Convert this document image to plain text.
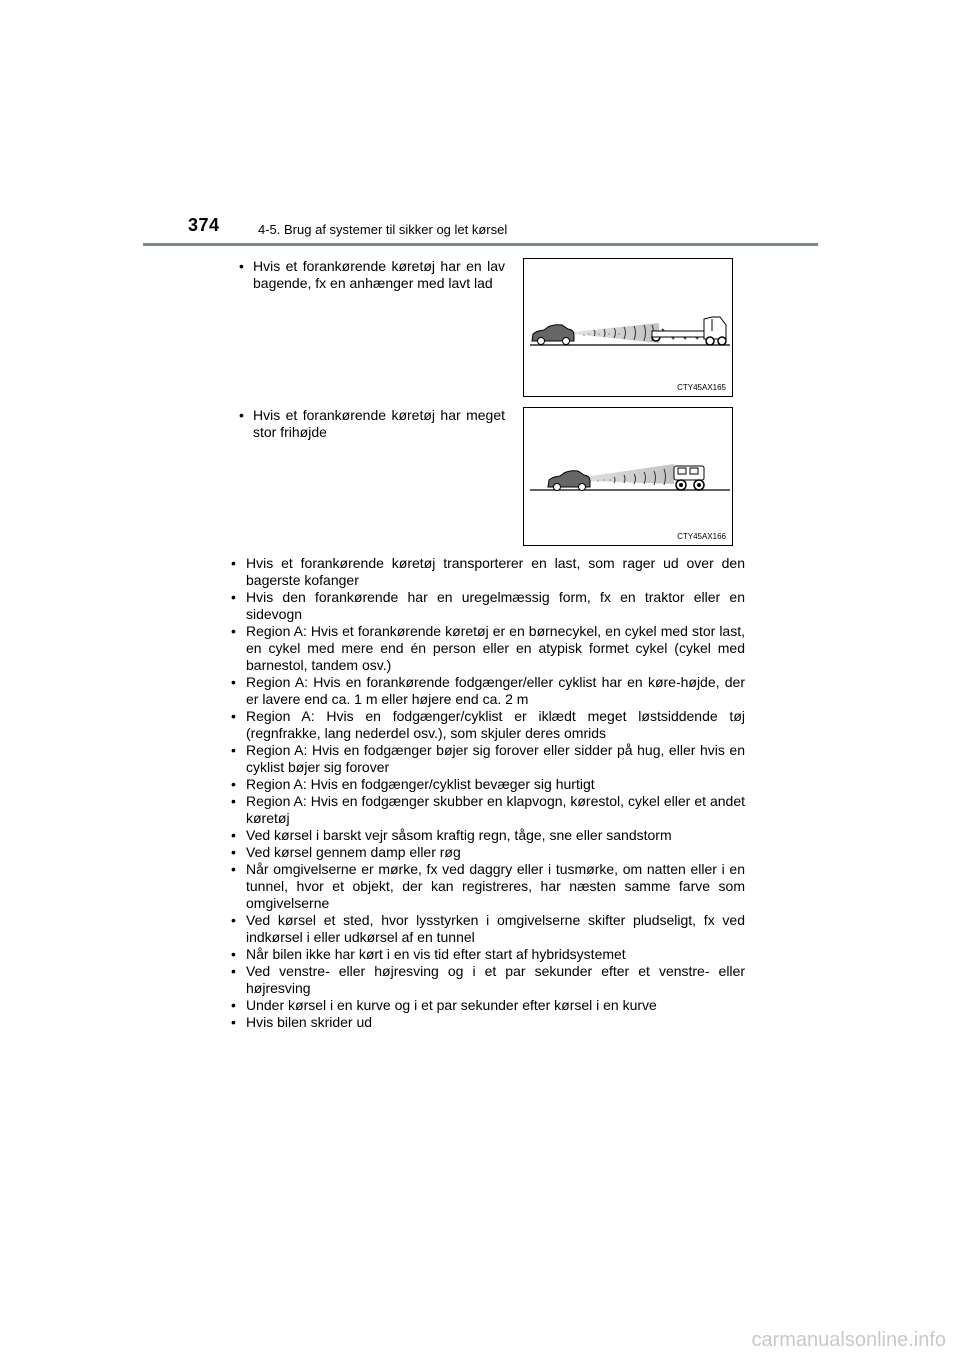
374	4-5. Brug af systemer til sikker og let kørsel
• Hvis et forankørende køretøj har en lav bagende, fx en anhænger med lavt lad
CTY45AX165
• Hvis et forankørende køretøj har meget stor frihøjde
CTY45AX166
• Hvis et forankørende køretøj transporterer en last, som rager ud over den bagerste kofanger
• Hvis den forankørende har en uregelmæssig form, fx en traktor eller en sidevogn
• Region A: Hvis et forankørende køretøj er en børnecykel, en cykel med stor last, en cykel med mere end én person eller en atypisk formet cykel (cykel med barnestol, tandem osv.)
• Region A: Hvis en forankørende fodgænger/eller cyklist har en køre-højde, der er lavere end ca. 1 m eller højere end ca. 2 m
• Region A: Hvis en fodgænger/cyklist er iklædt meget løstsiddende tøj (regnfrakke, lang nederdel osv.), som skjuler deres omrids
• Region A: Hvis en fodgænger bøjer sig forover eller sidder på hug, eller hvis en cyklist bøjer sig forover
• Region A: Hvis en fodgænger/cyklist bevæger sig hurtigt
• Region A: Hvis en fodgænger skubber en klapvogn, kørestol, cykel eller et andet køretøj
• Ved kørsel i barskt vejr såsom kraftig regn, tåge, sne eller sandstorm
• Ved kørsel gennem damp eller røg
• Når omgivelserne er mørke, fx ved daggry eller i tusmørke, om natten eller i en tunnel, hvor et objekt, der kan registreres, har næsten samme farve som omgivelserne
• Ved kørsel et sted, hvor lysstyrken i omgivelserne skifter pludseligt, fx ved indkørsel i eller udkørsel af en tunnel
• Når bilen ikke har kørt i en vis tid efter start af hybridsystemet
• Ved venstre- eller højresving og i et par sekunder efter et venstre- eller højresving
• Under kørsel i en kurve og i et par sekunder efter kørsel i en kurve
• Hvis bilen skrider ud
carmanualsonline.info
